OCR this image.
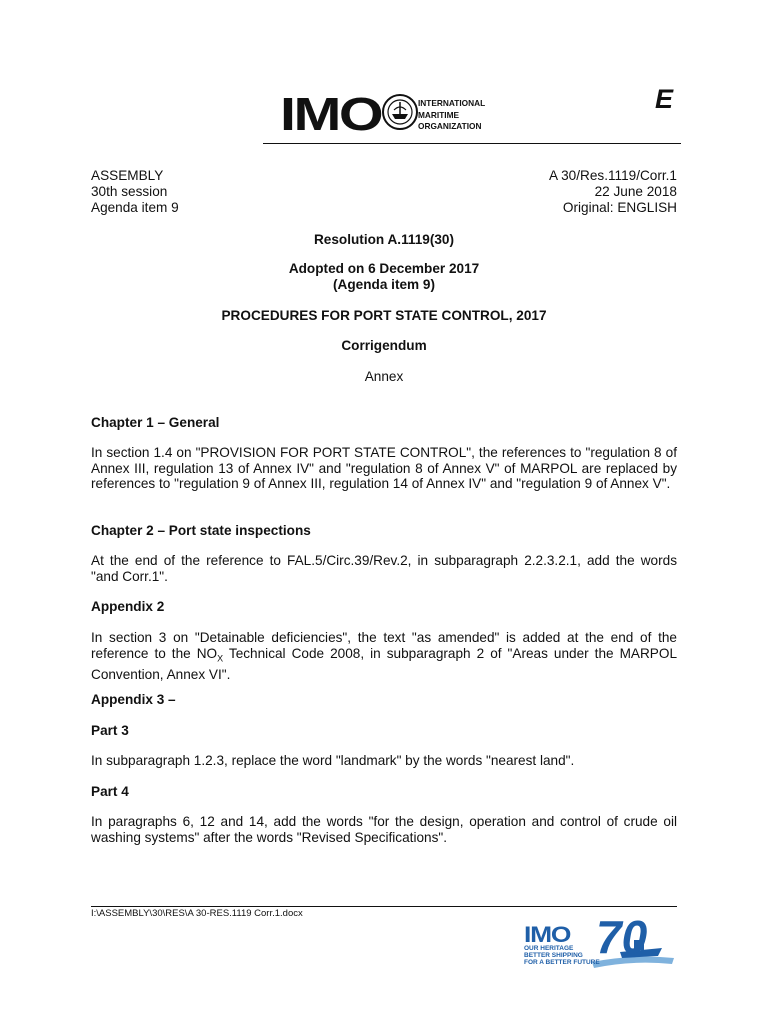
IMO	INTERNATIONAL
MARITIME
ORGANIZATION
E
ASSEMBLY
30th session
Agenda item 9
A 30/Res.1119/Corr.1
22 June 2018
Original: ENGLISH
Resolution A.1119(30)
Adopted on 6 December 2017
(Agenda item 9)
PROCEDURES FOR PORT STATE CONTROL, 2017
Corrigendum
Annex
Chapter 1 – General
In section 1.4 on "PROVISION FOR PORT STATE CONTROL", the references to "regulation 8 of Annex III, regulation 13 of Annex IV" and "regulation 8 of Annex V" of MARPOL are replaced by references to "regulation 9 of Annex III, regulation 14 of Annex IV" and "regulation 9 of Annex V".
Chapter 2 – Port state inspections
At the end of the reference to FAL.5/Circ.39/Rev.2, in subparagraph 2.2.3.2.1, add the words "and Corr.1".
Appendix 2
In section 3 on "Detainable deficiencies", the text "as amended" is added at the end of the reference to the $NO_X$ Technical Code 2008, in subparagraph 2 of "Areas under the MARPOL Convention, Annex VI".
Appendix 3 –
Part 3
In subparagraph 1.2.3, replace the word "landmark" by the words "nearest land".
Part 4
In paragraphs 6, 12 and 14, add the words "for the design, operation and control of crude oil washing systems" after the words "Revised Specifications".
I:\ASSEMBLY\30\RES\A 30-RES.1119 Corr.1.docx
IMO 70
OUR HERITAGE
BETTER SHIPPING
FOR A BETTER FUTURE
